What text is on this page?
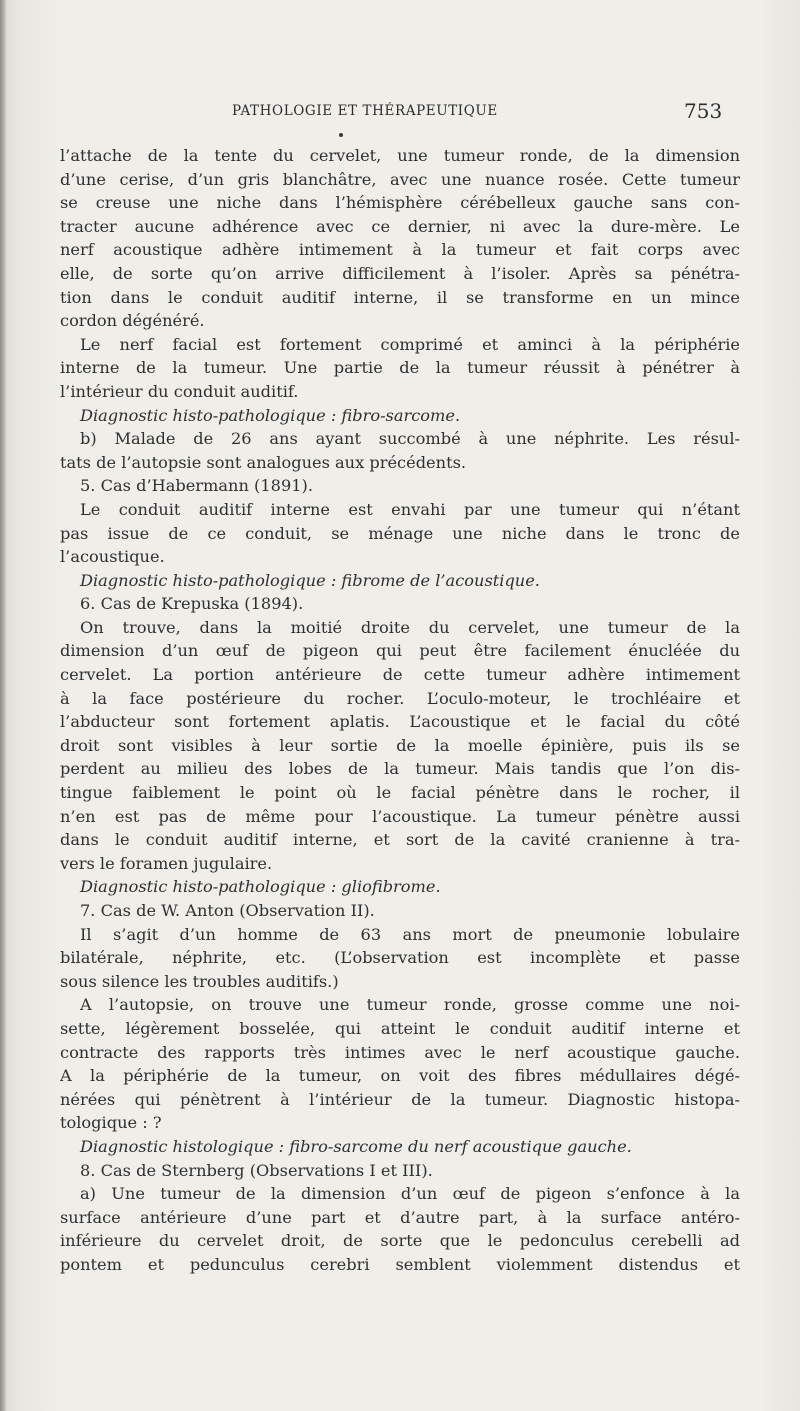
PATHOLOGIE ET THÉRAPEUTIQUE	753
l’attache de la tente du cervelet, une tumeur ronde, de la dimension
d’une cerise, d’un gris blanchâtre, avec une nuance rosée. Cette tumeur
se creuse une niche dans l’hémisphère cérébelleux gauche sans con-
tracter aucune adhérence avec ce dernier, ni avec la dure-mère. Le
nerf acoustique adhère intimement à la tumeur et fait corps avec
elle, de sorte qu’on arrive difficilement à l’isoler. Après sa pénétra-
tion dans le conduit auditif interne, il se transforme en un mince
cordon dégénéré.
Le nerf facial est fortement comprimé et aminci à la périphérie
interne de la tumeur. Une partie de la tumeur réussit à pénétrer à
l’intérieur du conduit auditif.
Diagnostic histo-pathologique : fibro-sarcome.
b) Malade de 26 ans ayant succombé à une néphrite. Les résul-
tats de l’autopsie sont analogues aux précédents.
5. Cas d’Habermann (1891).
Le conduit auditif interne est envahi par une tumeur qui n’étant
pas issue de ce conduit, se ménage une niche dans le tronc de
l’acoustique.
Diagnostic histo-pathologique : fibrome de l’acoustique.
6. Cas de Krepuska (1894).
On trouve, dans la moitié droite du cervelet, une tumeur de la
dimension d’un œuf de pigeon qui peut être facilement énucléée du
cervelet. La portion antérieure de cette tumeur adhère intimement
à la face postérieure du rocher. L’oculo-moteur, le trochléaire et
l’abducteur sont fortement aplatis. L’acoustique et le facial du côté
droit sont visibles à leur sortie de la moelle épinière, puis ils se
perdent au milieu des lobes de la tumeur. Mais tandis que l’on dis-
tingue faiblement le point où le facial pénètre dans le rocher, il
n’en est pas de même pour l’acoustique. La tumeur pénètre aussi
dans le conduit auditif interne, et sort de la cavité cranienne à tra-
vers le foramen jugulaire.
Diagnostic histo-pathologique : gliofibrome.
7. Cas de W. Anton (Observation II).
Il s’agit d’un homme de 63 ans mort de pneumonie lobulaire
bilatérale, néphrite, etc. (L’observation est incomplète et passe
sous silence les troubles auditifs.)
A l’autopsie, on trouve une tumeur ronde, grosse comme une noi-
sette, légèrement bosselée, qui atteint le conduit auditif interne et
contracte des rapports très intimes avec le nerf acoustique gauche.
A la périphérie de la tumeur, on voit des fibres médullaires dégé-
nérées qui pénètrent à l’intérieur de la tumeur. Diagnostic histopa-
tologique : ?
Diagnostic histologique : fibro-sarcome du nerf acoustique gauche.
8. Cas de Sternberg (Observations I et III).
a) Une tumeur de la dimension d’un œuf de pigeon s’enfonce à la
surface antérieure d’une part et d’autre part, à la surface antéro-
inférieure du cervelet droit, de sorte que le pedonculus cerebelli ad
pontem et pedunculus cerebri semblent violemment distendus et
